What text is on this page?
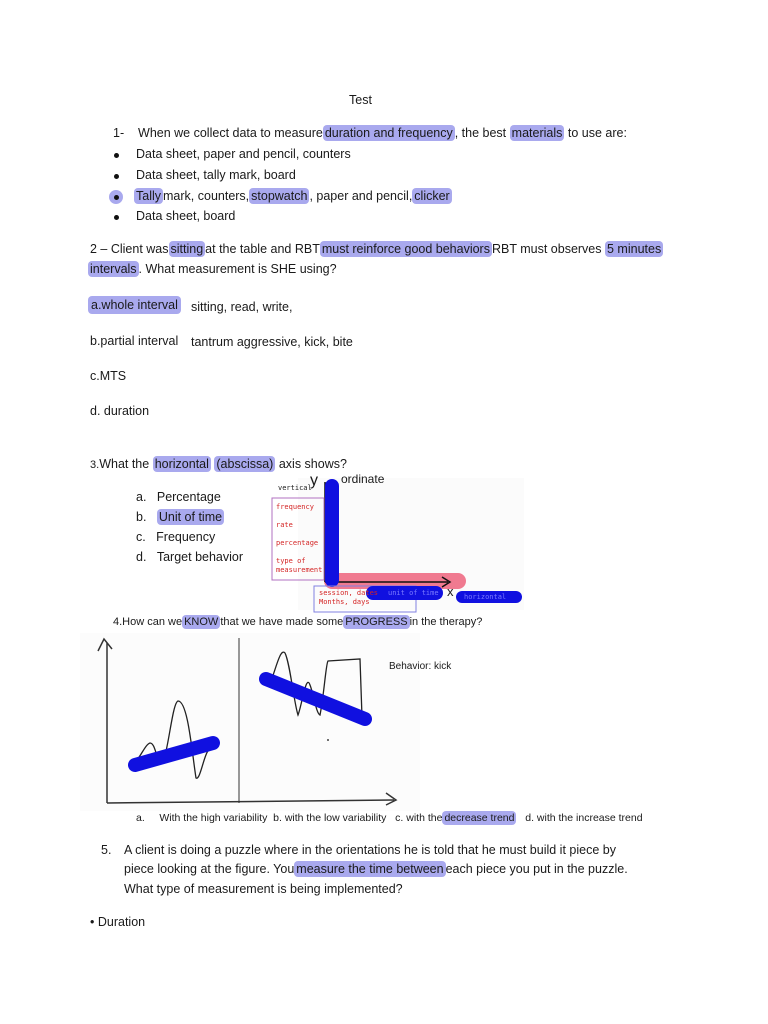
Test
1- When we collect data to measure duration and frequency , the best materials to use are:
Data sheet, paper and pencil, counters
Data sheet, tally mark, board
Tally mark, counters, stopwatch , paper and pencil, clicker
Data sheet, board
2 – Client was sitting at the table and RBT must reinforce good behaviors RBT must observes 5 minutes
intervals . What measurement is SHE using?
a.whole interval sitting, read, write,
b.partial interval tantrum aggressive, kick, bite
c.MTS
d. duration
3.What the horizontal (abscissa) axis shows?
a. Percentage
b. Unit of time
c. Frequency
d. Target behavior
y ordinate
vertical
frequency
rate
percentage
type of
measurement
session, dates
Months, days
unit of time x horizontal
4.How can we KNOW that we have made some PROGRESS in the therapy?
Behavior: kick
a. With the high variability b. with the low variability c. with the decrease trend d. with the increase trend
5. A client is doing a puzzle where in the orientations he is told that he must build it piece by
piece looking at the figure. You measure the time between each piece you put in the puzzle.
What type of measurement is being implemented?
• Duration
